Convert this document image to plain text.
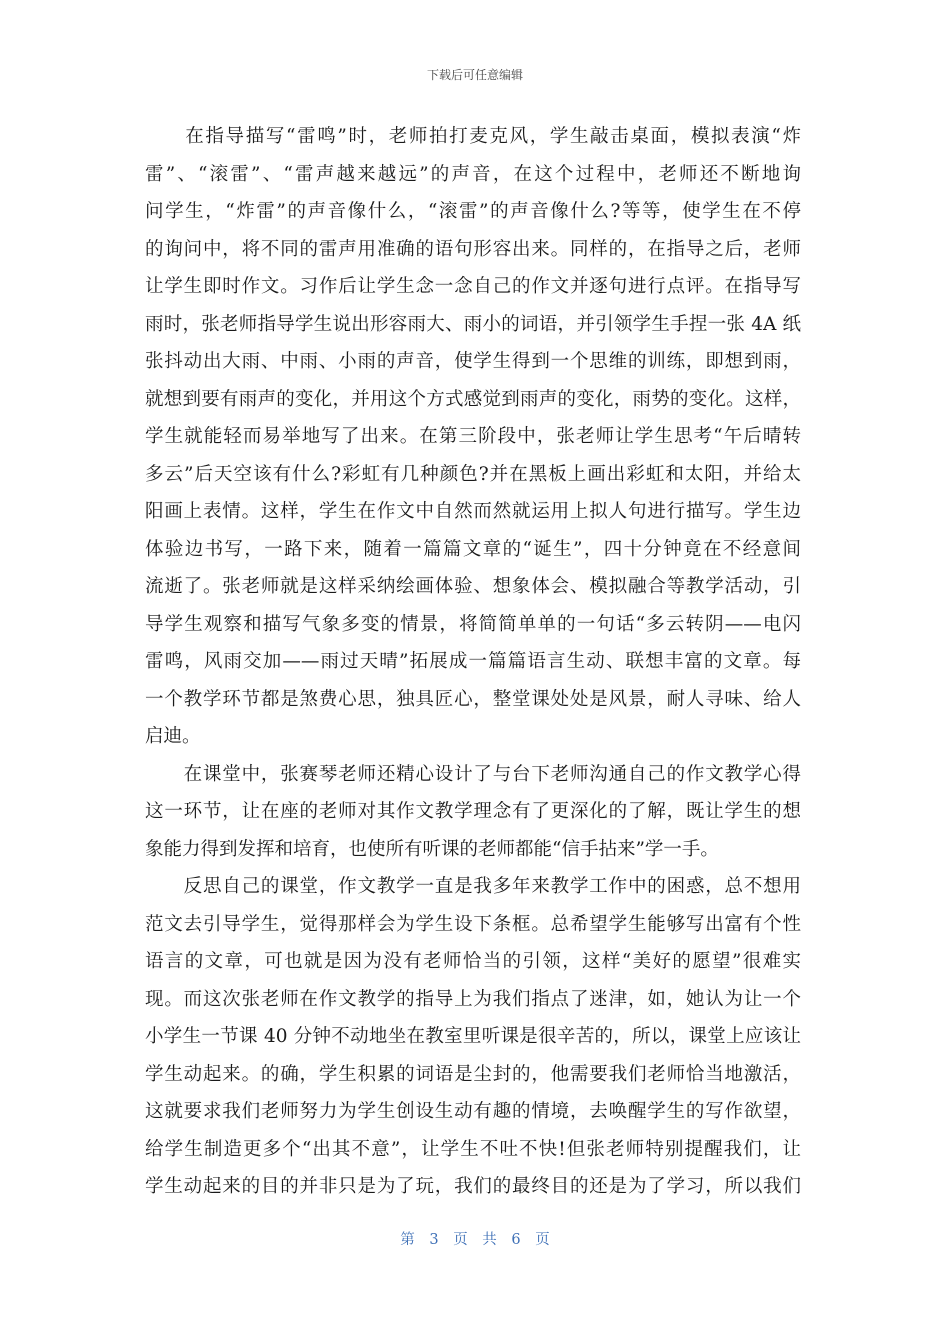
下载后可任意编辑
　　在指导描写“雷鸣”时，老师拍打麦克风，学生敲击桌面，模拟表演“炸
雷”、“滚雷”、“雷声越来越远”的声音，在这个过程中，老师还不断地询
问学生，“炸雷”的声音像什么，“滚雷”的声音像什么?等等，使学生在不停
的询问中，将不同的雷声用准确的语句形容出来。同样的，在指导之后，老师
让学生即时作文。习作后让学生念一念自己的作文并逐句进行点评。在指导写
雨时，张老师指导学生说出形容雨大、雨小的词语，并引领学生手捏一张 4A 纸
张抖动出大雨、中雨、小雨的声音，使学生得到一个思维的训练，即想到雨，
就想到要有雨声的变化，并用这个方式感觉到雨声的变化，雨势的变化。这样，
学生就能轻而易举地写了出来。在第三阶段中，张老师让学生思考“午后晴转
多云”后天空该有什么?彩虹有几种颜色?并在黑板上画出彩虹和太阳，并给太
阳画上表情。这样，学生在作文中自然而然就运用上拟人句进行描写。学生边
体验边书写，一路下来，随着一篇篇文章的“诞生”，四十分钟竟在不经意间
流逝了。张老师就是这样采纳绘画体验、想象体会、模拟融合等教学活动，引
导学生观察和描写气象多变的情景，将简简单单的一句话“多云转阴——电闪
雷鸣，风雨交加——雨过天晴”拓展成一篇篇语言生动、联想丰富的文章。每
一个教学环节都是煞费心思，独具匠心，整堂课处处是风景，耐人寻味、给人
启迪。
　　在课堂中，张赛琴老师还精心设计了与台下老师沟通自己的作文教学心得
这一环节，让在座的老师对其作文教学理念有了更深化的了解，既让学生的想
象能力得到发挥和培育，也使所有听课的老师都能“信手拈来”学一手。
　　反思自己的课堂，作文教学一直是我多年来教学工作中的困惑，总不想用
范文去引导学生，觉得那样会为学生设下条框。总希望学生能够写出富有个性
语言的文章，可也就是因为没有老师恰当的引领，这样“美好的愿望”很难实
现。而这次张老师在作文教学的指导上为我们指点了迷津，如，她认为让一个
小学生一节课 40 分钟不动地坐在教室里听课是很辛苦的，所以，课堂上应该让
学生动起来。的确，学生积累的词语是尘封的，他需要我们老师恰当地激活，
这就要求我们老师努力为学生创设生动有趣的情境，去唤醒学生的写作欲望，
给学生制造更多个“出其不意”，让学生不吐不快!但张老师特别提醒我们，让
学生动起来的目的并非只是为了玩，我们的最终目的还是为了学习，所以我们
第 3 页 共 6 页
